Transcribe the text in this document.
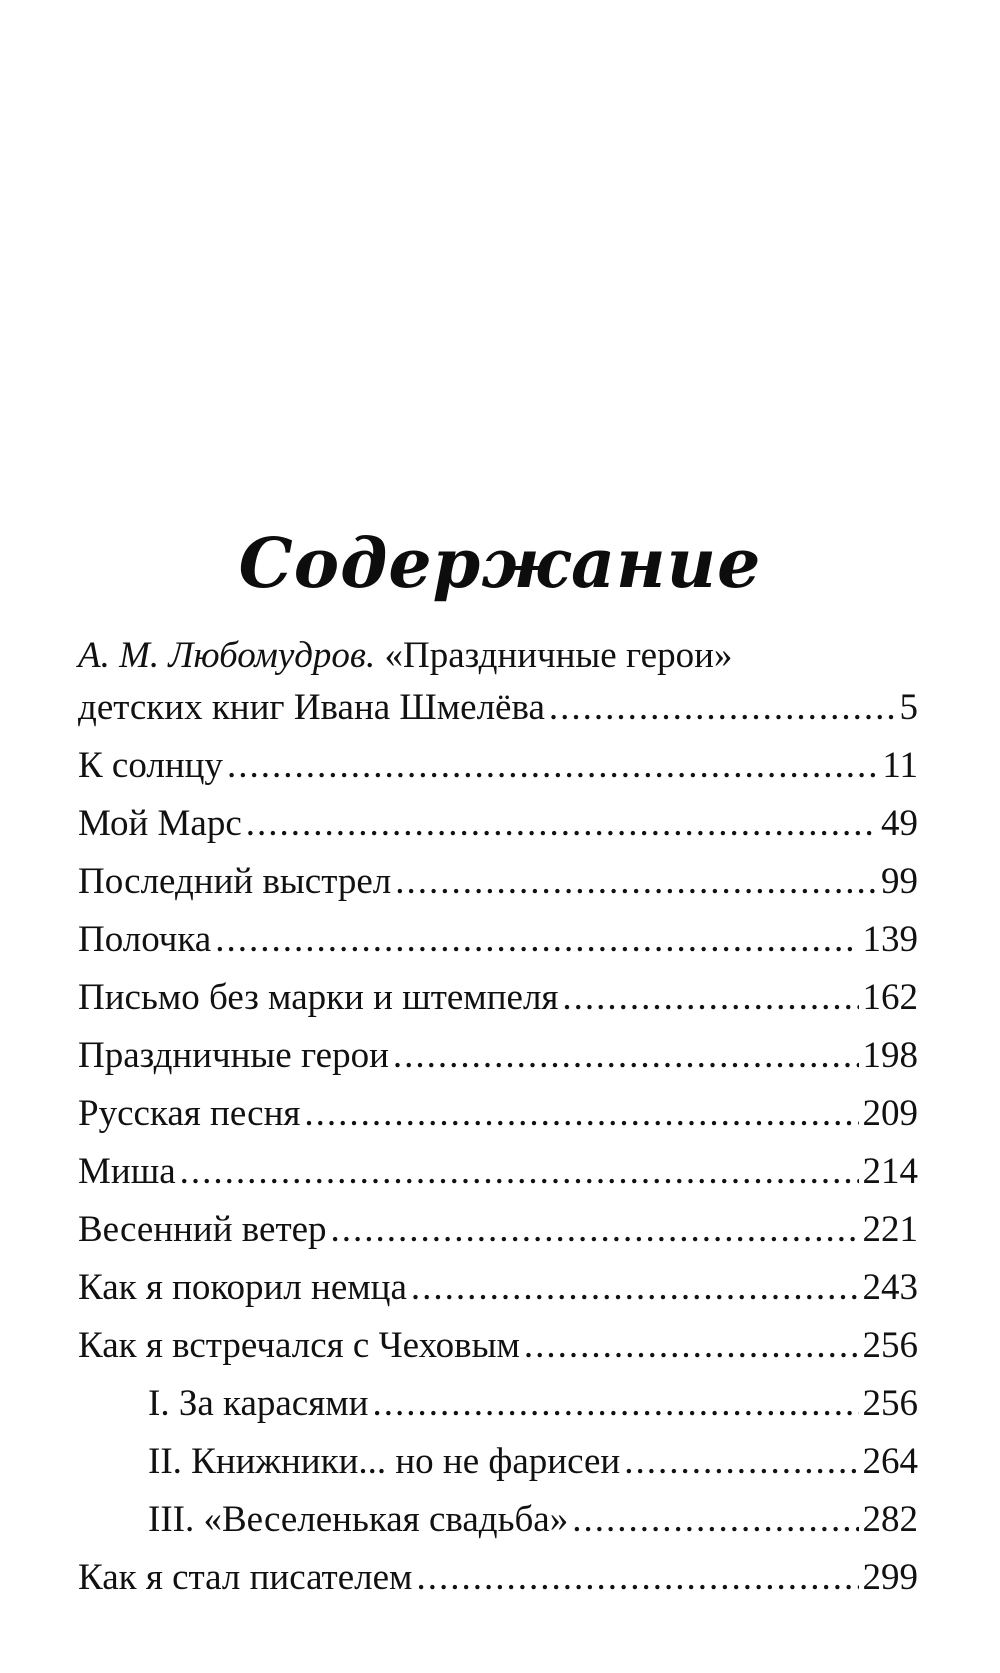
Содержание
А. М. Любомудров. «Праздничные герои»
детских книг Ивана Шмелёва .....	5
К солнцу .....	11
Мой Марс .....	49
Последний выстрел .....	99
Полочка .....	139
Письмо без марки и штемпеля .....	162
Праздничные герои .....	198
Русская песня .....	209
Миша .....	214
Весенний ветер .....	221
Как я покорил немца .....	243
Как я встречался с Чеховым .....	256
I. За карасями .....	256
II. Книжники... но не фарисеи .....	264
III. «Веселенькая свадьба» .....	282
Как я стал писателем .....	299
